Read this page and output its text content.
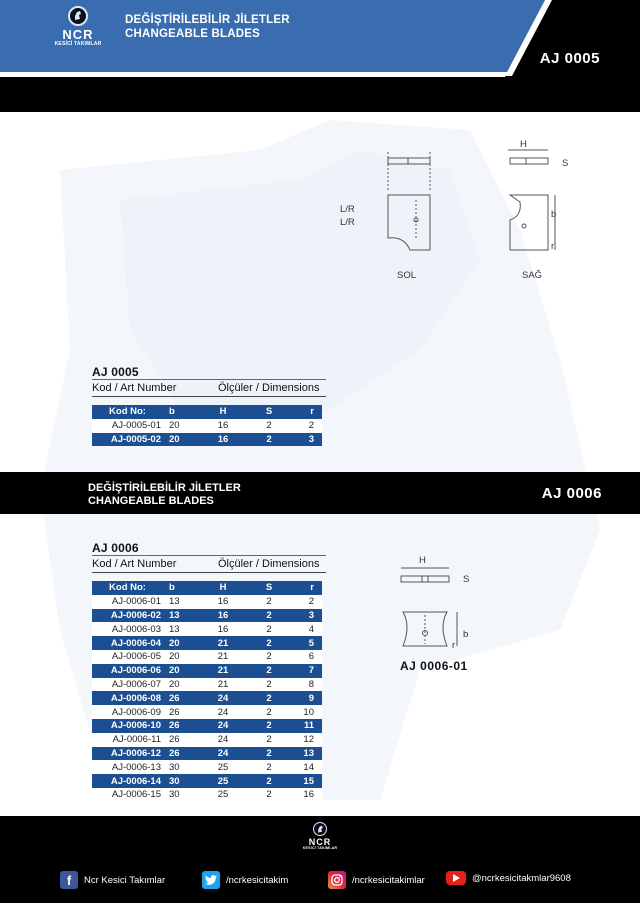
NCR
KESİCİ TAKIMLAR
DEĞİŞTİRİLEBİLİR JİLETLER
CHANGEABLE BLADES
AJ 0005
H
S
L/R
L/R
b
r
SOL	SAĞ
AJ 0005
Kod / Art Number	Ölçüler / Dimensions
Kod No:	b	H	S	r
AJ-0005-01	20	16	2	2
AJ-0005-02	20	16	2	3
DEĞİŞTİRİLEBİLİR JİLETLER
CHANGEABLE BLADES	AJ 0006
AJ 0006
Kod / Art Number	Ölçüler / Dimensions
Kod No:	b	H	S	r
AJ-0006-01	13	16	2	2
AJ-0006-02	13	16	2	3
AJ-0006-03	13	16	2	4
AJ-0006-04	20	21	2	5
AJ-0006-05	20	21	2	6
AJ-0006-06	20	21	2	7
AJ-0006-07	20	21	2	8
AJ-0006-08	26	24	2	9
AJ-0006-09	26	24	2	10
AJ-0006-10	26	24	2	11
AJ-0006-11	26	24	2	12
AJ-0006-12	26	24	2	13
AJ-0006-13	30	25	2	14
AJ-0006-14	30	25	2	15
AJ-0006-15	30	25	2	16
H
S
b
r
AJ 0006-01
NCR
KESİCİ TAKIMLAR
f	Ncr Kesici Takımlar	/ncrkesicitakim	/ncrkesicitakimlar	@ncrkesicitakmlar9608
